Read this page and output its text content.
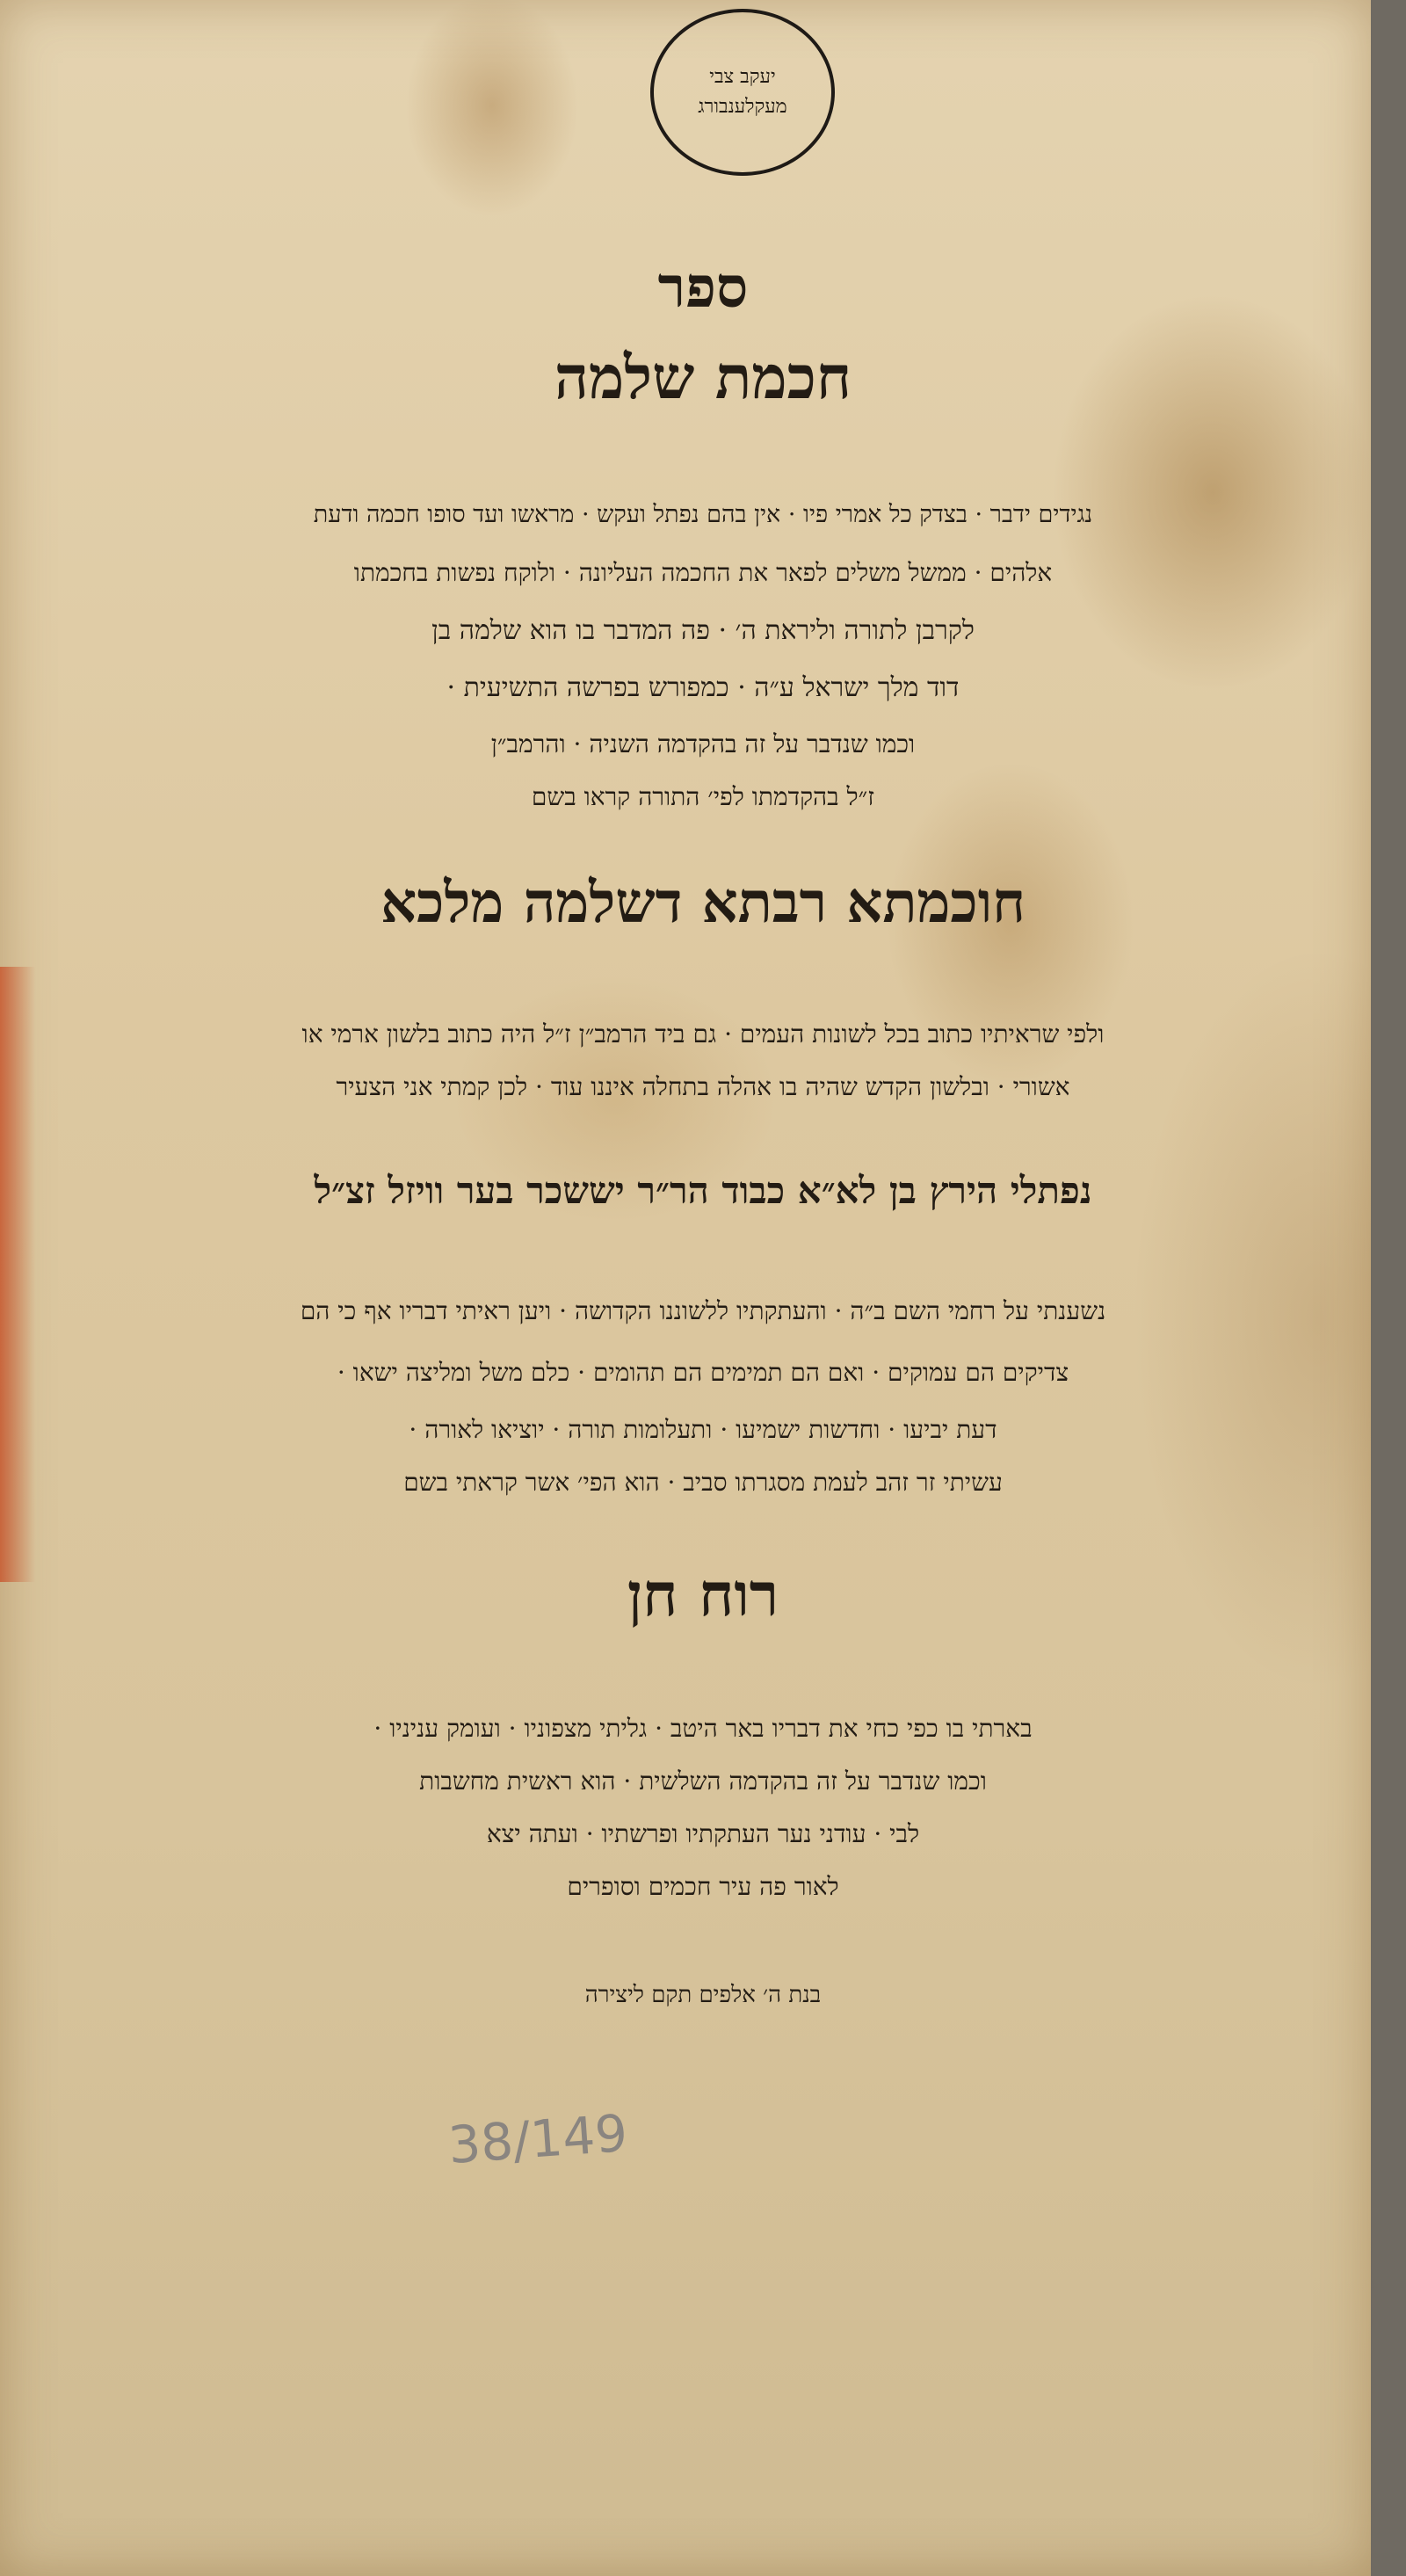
יעקב צבי
מעקלענבורג
ספר
חכמת שלמה
נגידים ידבר · בצדק כל אמרי פיו · אין בהם נפתל ועקש · מראשו ועד סופו חכמה ודעת
אלהים · ממשל משלים לפאר את החכמה העליונה · ולוקח נפשות בחכמתו
לקרבן לתורה וליראת ה׳ · פה המדבר בו הוא שלמה בן
דוד מלך ישראל ע״ה · כמפורש בפרשה התשיעית ·
וכמו שנדבר על זה בהקדמה השניה · והרמב״ן
ז״ל בהקדמתו לפי׳ התורה קראו בשם
חוכמתא רבתא דשלמה מלכא
ולפי שראיתיו כתוב בכל לשונות העמים · גם ביד הרמב״ן ז״ל היה כתוב בלשון ארמי או
אשורי · ובלשון הקדש שהיה בו אהלה בתחלה איננו עוד · לכן קמתי אני הצעיר
נפתלי הירץ בן לא״א כבוד הר״ר יששכר בער וויזל זצ״ל
נשענתי על רחמי השם ב״ה · והעתקתיו ללשוננו הקדושה · ויען ראיתי דבריו אף כי הם
צדיקים הם עמוקים · ואם הם תמימים הם תהומים · כלם משל ומליצה ישאו ·
דעת יביעו · וחדשות ישמיעו · ותעלומות תורה · יוציאו לאורה ·
עשיתי זר זהב לעמת מסגרתו סביב · הוא הפי׳ אשר קראתי בשם
רוח חן
בארתי בו כפי כחי את דבריו באר היטב · גליתי מצפוניו · ועומק עניניו ·
וכמו שנדבר על זה בהקדמה השלשית · הוא ראשית מחשבות
לבי · עודני נער העתקתיו ופרשתיו · ועתה יצא
לאור פה עיר חכמים וסופרים
בנת ה׳ אלפים תקם ליצירה
38/149
